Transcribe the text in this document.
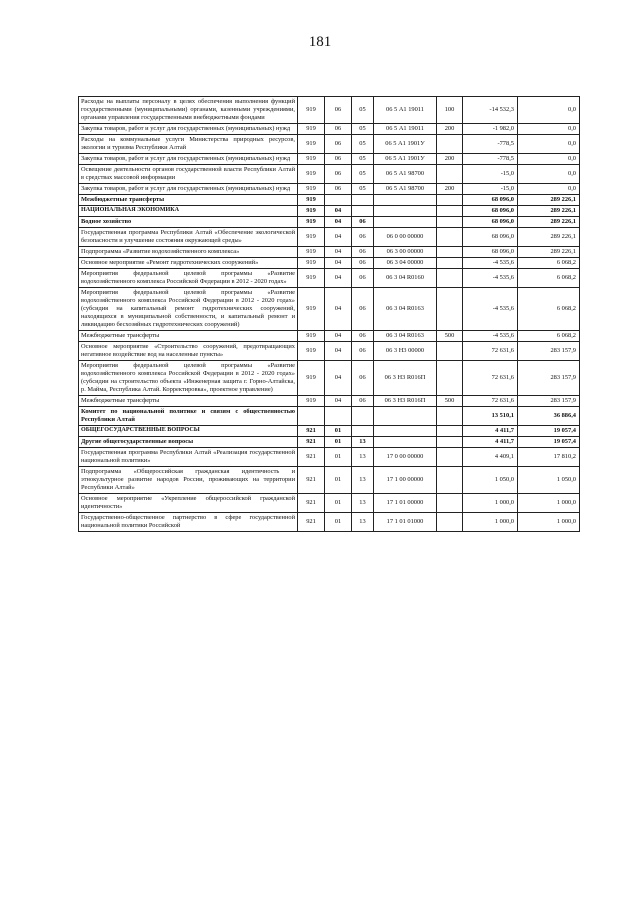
181
Расходы на выплаты персоналу в целях обеспечения выполнения функций государственными (муниципальными) органами, казенными учреждениями, органами управления государственными внебюджетными фондами	919	06	05	06 5 А1 19011	100	-14 532,3	0,0
Закупка товаров, работ и услуг для государственных (муниципальных) нужд	919	06	05	06 5 А1 19011	200	-1 982,0	0,0
Расходы на коммунальные услуги Министерства природных ресурсов, экологии и туризма Республики Алтай	919	06	05	06 5 А1 1901У		-778,5	0,0
Закупка товаров, работ и услуг для государственных (муниципальных) нужд	919	06	05	06 5 А1 1901У	200	-778,5	0,0
Освещение деятельности органов государственной власти Республики Алтай в средствах массовой информации	919	06	05	06 5 А1 98700		-15,0	0,0
Закупка товаров, работ и услуг для государственных (муниципальных) нужд	919	06	05	06 5 А1 98700	200	-15,0	0,0
Межбюджетные трансферты	919					68 096,0	289 226,1
НАЦИОНАЛЬНАЯ ЭКОНОМИКА	919	04				68 096,0	289 226,1
Водное хозяйство	919	04	06			68 096,0	289 226,1
Государственная программа Республики Алтай «Обеспечение экологической безопасности и улучшение состояния окружающей среды»	919	04	06	06 0 00 00000		68 096,0	289 226,1
Подпрограмма «Развитие водохозяйственного комплекса»	919	04	06	06 3 00 00000		68 096,0	289 226,1
Основное мероприятие «Ремонт гидротехнических сооружений»	919	04	06	06 3 04 00000		-4 535,6	6 068,2
Мероприятия федеральной целевой программы «Развитие водохозяйственного комплекса Российской Федерации в 2012 - 2020 годах»	919	04	06	06 3 04 R0160		-4 535,6	6 068,2
Мероприятия федеральной целевой программы «Развитие водохозяйственного комплекса Российской Федерации в 2012 - 2020 годах» (субсидия на капитальный ремонт гидротехнических сооружений, находящихся в муниципальной собственности, и капитальный ремонт и ликвидацию бесхозяйных гидротехнических сооружений)	919	04	06	06 3 04 R0163		-4 535,6	6 068,2
Межбюджетные трансферты	919	04	06	06 3 04 R0163	500	-4 535,6	6 068,2
Основное мероприятие «Строительство сооружений, предотвращающих негативное воздействие вод на населенные пункты»	919	04	06	06 3 Н3 00000		72 631,6	283 157,9
Мероприятия федеральной целевой программы «Развитие водохозяйственного комплекса Российской Федерации в 2012 - 2020 годах» (субсидии на строительство объекта «Инженерная защита г. Горно-Алтайска, р. Майма, Республика Алтай. Корректировка», проектное управление)	919	04	06	06 3 Н3 R016П		72 631,6	283 157,9
Межбюджетные трансферты	919	04	06	06 3 Н3 R016П	500	72 631,6	283 157,9
Комитет по национальной политике и связям с общественностью Республики Алтай						13 510,1	36 886,4
ОБЩЕГОСУДАРСТВЕННЫЕ ВОПРОСЫ	921	01				4 411,7	19 057,4
Другие общегосударственные вопросы	921	01	13			4 411,7	19 057,4
Государственная программа Республики Алтай «Реализация государственной национальной политики»	921	01	13	17 0 00 00000		4 409,1	17 810,2
Подпрограмма «Общероссийская гражданская идентичность и этнокультурное развитие народов России, проживающих на территории Республики Алтай»	921	01	13	17 1 00 00000		1 050,0	1 050,0
Основное мероприятие «Укрепление общероссийской гражданской идентичности»	921	01	13	17 1 01 00000		1 000,0	1 000,0
Государственно-общественное партнерство в сфере государственной национальной политики Российской	921	01	13	17 1 01 01000		1 000,0	1 000,0
